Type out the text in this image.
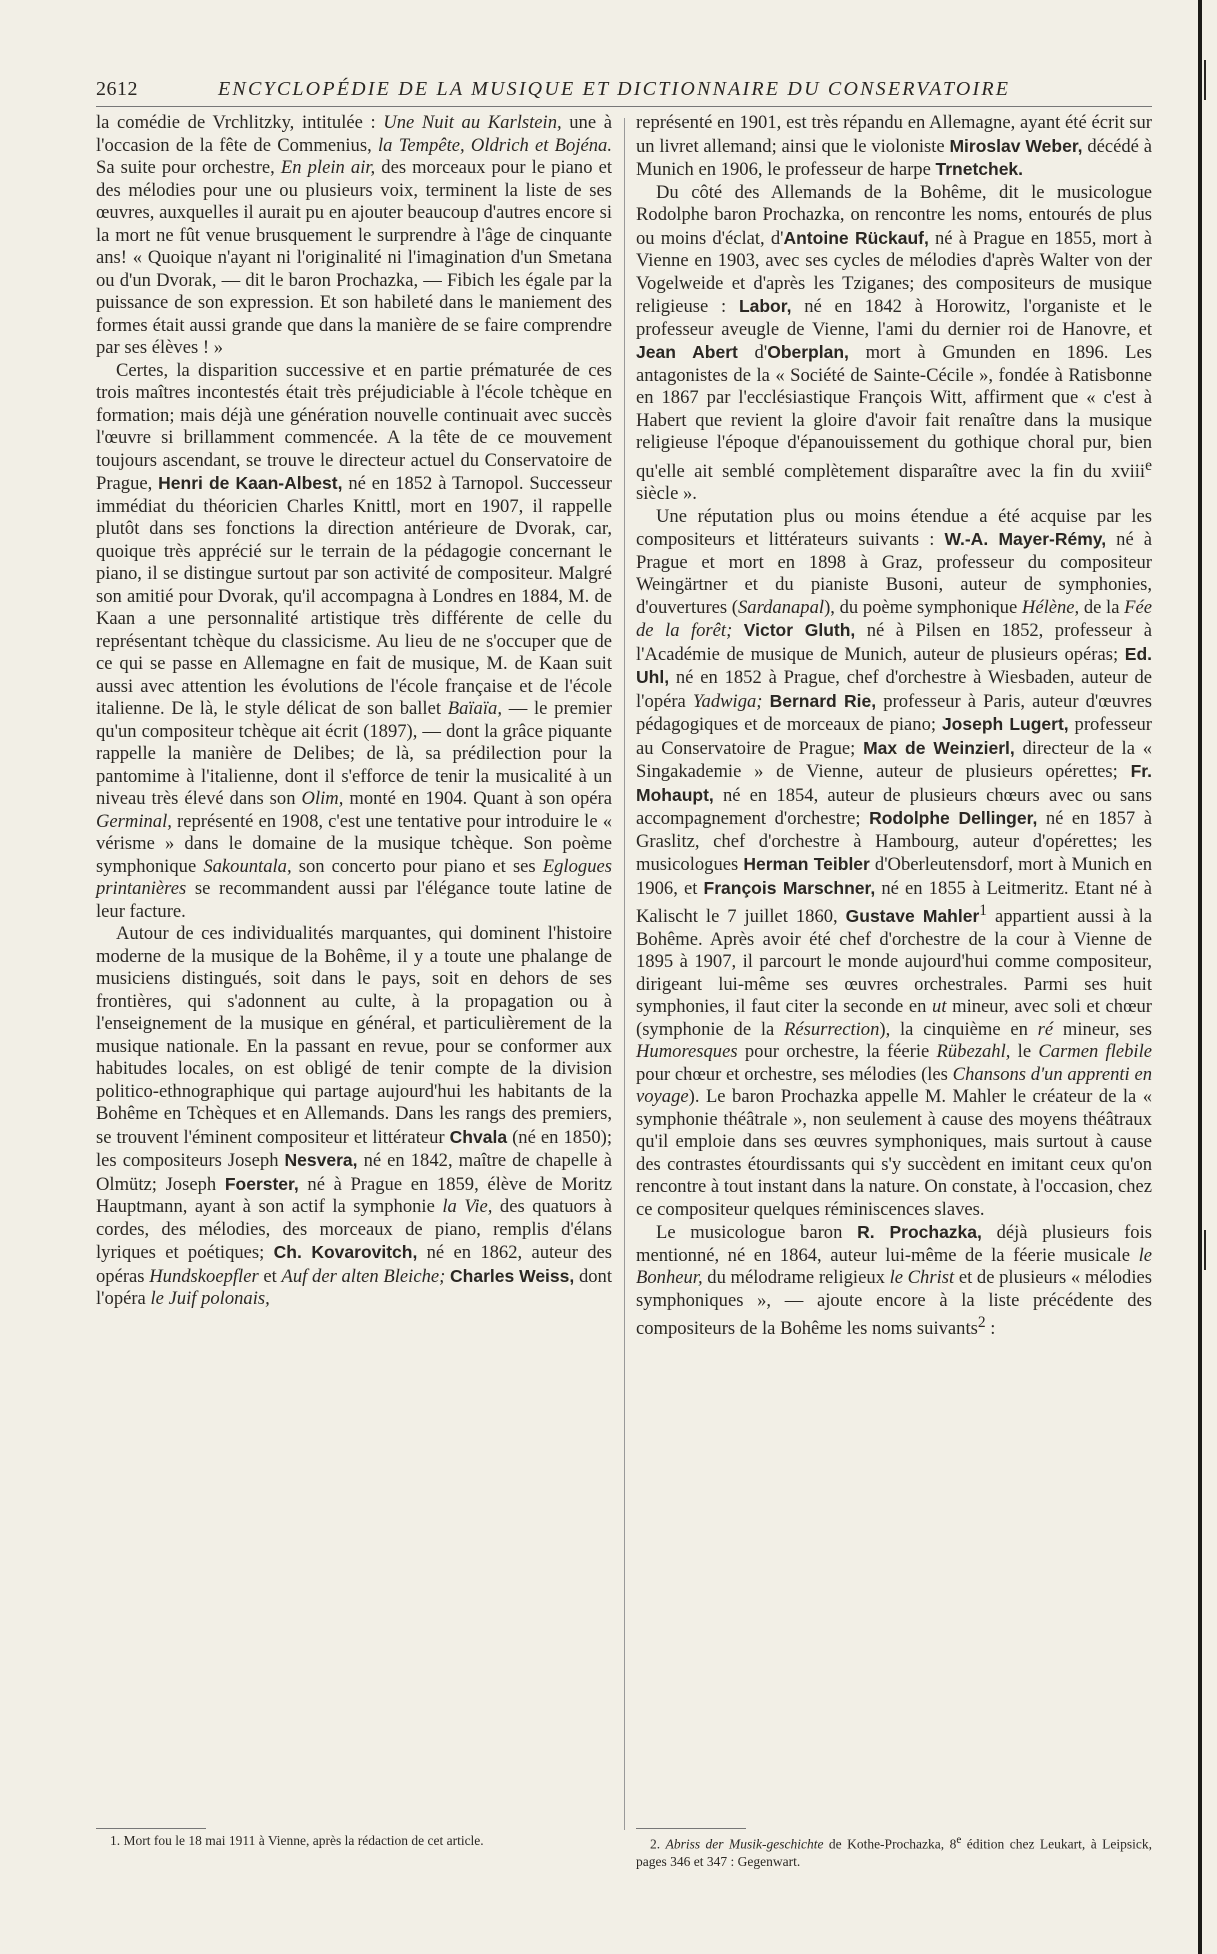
2612	ENCYCLOPÉDIE DE LA MUSIQUE ET DICTIONNAIRE DU CONSERVATOIRE

la comédie de Vrchlitzky, intitulée : Une Nuit au Karlstein, une à l'occasion de la fête de Commenius, la Tempête, Oldrich et Bojéna. Sa suite pour orchestre, En plein air, des morceaux pour le piano et des mélodies pour une ou plusieurs voix, terminent la liste de ses œuvres, auxquelles il aurait pu en ajouter beaucoup d'autres encore si la mort ne fût venue brusquement le surprendre à l'âge de cinquante ans! « Quoique n'ayant ni l'originalité ni l'imagination d'un Smetana ou d'un Dvorak, — dit le baron Prochazka, — Fibich les égale par la puissance de son expression. Et son habileté dans le maniement des formes était aussi grande que dans la manière de se faire comprendre par ses élèves ! »

Certes, la disparition successive et en partie prématurée de ces trois maîtres incontestés était très préjudiciable à l'école tchèque en formation; mais déjà une génération nouvelle continuait avec succès l'œuvre si brillamment commencée. A la tête de ce mouvement toujours ascendant, se trouve le directeur actuel du Conservatoire de Prague, Henri de Kaan-Albest, né en 1852 à Tarnopol. Successeur immédiat du théoricien Charles Knittl, mort en 1907, il rappelle plutôt dans ses fonctions la direction antérieure de Dvorak, car, quoique très apprécié sur le terrain de la pédagogie concernant le piano, il se distingue surtout par son activité de compositeur. Malgré son amitié pour Dvorak, qu'il accompagna à Londres en 1884, M. de Kaan a une personnalité artistique très différente de celle du représentant tchèque du classicisme. Au lieu de ne s'occuper que de ce qui se passe en Allemagne en fait de musique, M. de Kaan suit aussi avec attention les évolutions de l'école française et de l'école italienne. De là, le style délicat de son ballet Baïaïa, — le premier qu'un compositeur tchèque ait écrit (1897), — dont la grâce piquante rappelle la manière de Delibes; de là, sa prédilection pour la pantomime à l'italienne, dont il s'efforce de tenir la musicalité à un niveau très élevé dans son Olim, monté en 1904. Quant à son opéra Germinal, représenté en 1908, c'est une tentative pour introduire le « vérisme » dans le domaine de la musique tchèque. Son poème symphonique Sakountala, son concerto pour piano et ses Eglogues printanières se recommandent aussi par l'élégance toute latine de leur facture.

Autour de ces individualités marquantes, qui dominent l'histoire moderne de la musique de la Bohême, il y a toute une phalange de musiciens distingués, soit dans le pays, soit en dehors de ses frontières, qui s'adonnent au culte, à la propagation ou à l'enseignement de la musique en général, et particulièrement de la musique nationale. En la passant en revue, pour se conformer aux habitudes locales, on est obligé de tenir compte de la division politico-ethnographique qui partage aujourd'hui les habitants de la Bohême en Tchèques et en Allemands. Dans les rangs des premiers, se trouvent l'éminent compositeur et littérateur Chvala (né en 1850); les compositeurs Joseph Nesvera, né en 1842, maître de chapelle à Olmütz; Joseph Foerster, né à Prague en 1859, élève de Moritz Hauptmann, ayant à son actif la symphonie la Vie, des quatuors à cordes, des mélodies, des morceaux de piano, remplis d'élans lyriques et poétiques; Ch. Kovarovitch, né en 1862, auteur des opéras Hundskoepfler et Auf der alten Bleiche; Charles Weiss, dont l'opéra le Juif polonais,

représenté en 1901, est très répandu en Allemagne, ayant été écrit sur un livret allemand; ainsi que le violoniste Miroslav Weber, décédé à Munich en 1906, le professeur de harpe Trnetchek.

Du côté des Allemands de la Bohême, dit le musicologue Rodolphe baron Prochazka, on rencontre les noms, entourés de plus ou moins d'éclat, d'Antoine Rückauf, né à Prague en 1855, mort à Vienne en 1903, avec ses cycles de mélodies d'après Walter von der Vogelweide et d'après les Tziganes; des compositeurs de musique religieuse : Labor, né en 1842 à Horowitz, l'organiste et le professeur aveugle de Vienne, l'ami du dernier roi de Hanovre, et Jean Abert d'Oberplan, mort à Gmunden en 1896. Les antagonistes de la « Société de Sainte-Cécile », fondée à Ratisbonne en 1867 par l'ecclésiastique François Witt, affirment que « c'est à Habert que revient la gloire d'avoir fait renaître dans la musique religieuse l'époque d'épanouissement du gothique choral pur, bien qu'elle ait semblé complètement disparaître avec la fin du xviii$^e$ siècle ».

Une réputation plus ou moins étendue a été acquise par les compositeurs et littérateurs suivants : W.-A. Mayer-Rémy, né à Prague et mort en 1898 à Graz, professeur du compositeur Weingärtner et du pianiste Busoni, auteur de symphonies, d'ouvertures (Sardanapal), du poème symphonique Hélène, de la Fée de la forêt; Victor Gluth, né à Pilsen en 1852, professeur à l'Académie de musique de Munich, auteur de plusieurs opéras; Ed. Uhl, né en 1852 à Prague, chef d'orchestre à Wiesbaden, auteur de l'opéra Yadwiga; Bernard Rie, professeur à Paris, auteur d'œuvres pédagogiques et de morceaux de piano; Joseph Lugert, professeur au Conservatoire de Prague; Max de Weinzierl, directeur de la « Singakademie » de Vienne, auteur de plusieurs opérettes; Fr. Mohaupt, né en 1854, auteur de plusieurs chœurs avec ou sans accompagnement d'orchestre; Rodolphe Dellinger, né en 1857 à Graslitz, chef d'orchestre à Hambourg, auteur d'opérettes; les musicologues Herman Teibler d'Oberleutensdorf, mort à Munich en 1906, et François Marschner, né en 1855 à Leitmeritz. Etant né à Kalischt le 7 juillet 1860, Gustave Mahler$^1$ appartient aussi à la Bohême. Après avoir été chef d'orchestre de la cour à Vienne de 1895 à 1907, il parcourt le monde aujourd'hui comme compositeur, dirigeant lui-même ses œuvres orchestrales. Parmi ses huit symphonies, il faut citer la seconde en ut mineur, avec soli et chœur (symphonie de la Résurrection), la cinquième en ré mineur, ses Humoresques pour orchestre, la féerie Rübezahl, le Carmen flebile pour chœur et orchestre, ses mélodies (les Chansons d'un apprenti en voyage). Le baron Prochazka appelle M. Mahler le créateur de la « symphonie théâtrale », non seulement à cause des moyens théâtraux qu'il emploie dans ses œuvres symphoniques, mais surtout à cause des contrastes étourdissants qui s'y succèdent en imitant ceux qu'on rencontre à tout instant dans la nature. On constate, à l'occasion, chez ce compositeur quelques réminiscences slaves.

Le musicologue baron R. Prochazka, déjà plusieurs fois mentionné, né en 1864, auteur lui-même de la féerie musicale le Bonheur, du mélodrame religieux le Christ et de plusieurs « mélodies symphoniques », — ajoute encore à la liste précédente des compositeurs de la Bohême les noms suivants$^2$ :

1. Mort fou le 18 mai 1911 à Vienne, après la rédaction de cet article.	2. Abriss der Musik-geschichte de Kothe-Prochazka, 8e édition chez Leukart, à Leipsick, pages 346 et 347 : Gegenwart.
